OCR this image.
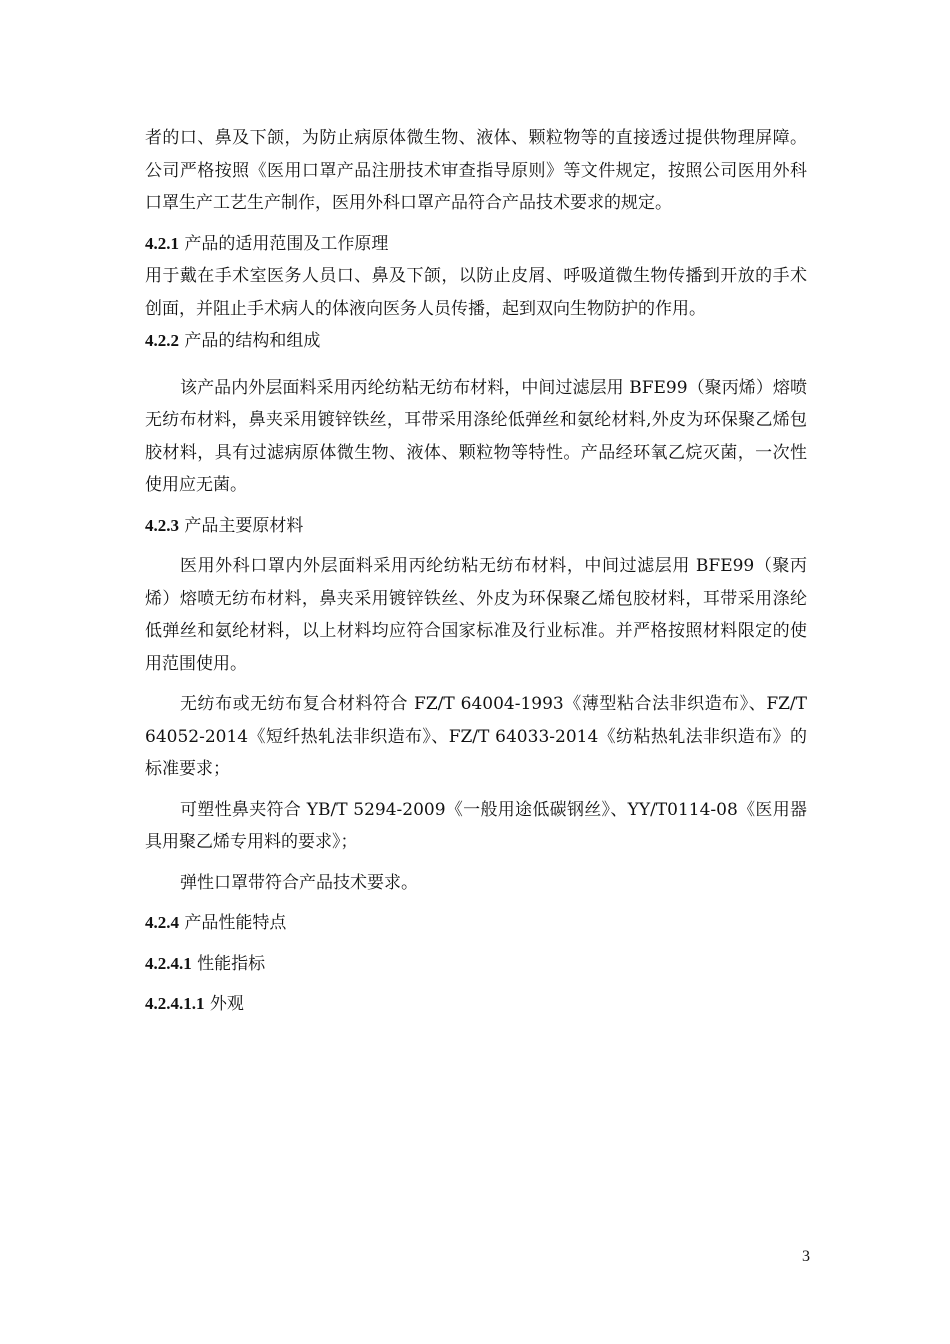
者的口、鼻及下颌，为防止病原体微生物、液体、颗粒物等的直接透过提供物理屏障。公司严格按照《医用口罩产品注册技术审查指导原则》等文件规定，按照公司医用外科口罩生产工艺生产制作，医用外科口罩产品符合产品技术要求的规定。

4.2.1 产品的适用范围及工作原理

用于戴在手术室医务人员口、鼻及下颌，以防止皮屑、呼吸道微生物传播到开放的手术创面，并阻止手术病人的体液向医务人员传播，起到双向生物防护的作用。

4.2.2 产品的结构和组成

该产品内外层面料采用丙纶纺粘无纺布材料，中间过滤层用 BFE99（聚丙烯）熔喷无纺布材料，鼻夹采用镀锌铁丝，耳带采用涤纶低弹丝和氨纶材料,外皮为环保聚乙烯包胶材料，具有过滤病原体微生物、液体、颗粒物等特性。产品经环氧乙烷灭菌，一次性使用应无菌。

4.2.3 产品主要原材料

医用外科口罩内外层面料采用丙纶纺粘无纺布材料，中间过滤层用 BFE99（聚丙烯）熔喷无纺布材料，鼻夹采用镀锌铁丝、外皮为环保聚乙烯包胶材料，耳带采用涤纶低弹丝和氨纶材料，以上材料均应符合国家标准及行业标准。并严格按照材料限定的使用范围使用。

无纺布或无纺布复合材料符合 FZ/T 64004-1993《薄型粘合法非织造布》、FZ/T 64052-2014《短纤热轧法非织造布》、FZ/T 64033-2014《纺粘热轧法非织造布》的标准要求；

可塑性鼻夹符合 YB/T 5294-2009《一般用途低碳钢丝》、YY/T0114-08《医用器具用聚乙烯专用料的要求》；

弹性口罩带符合产品技术要求。

4.2.4 产品性能特点

4.2.4.1 性能指标

4.2.4.1.1 外观

3
